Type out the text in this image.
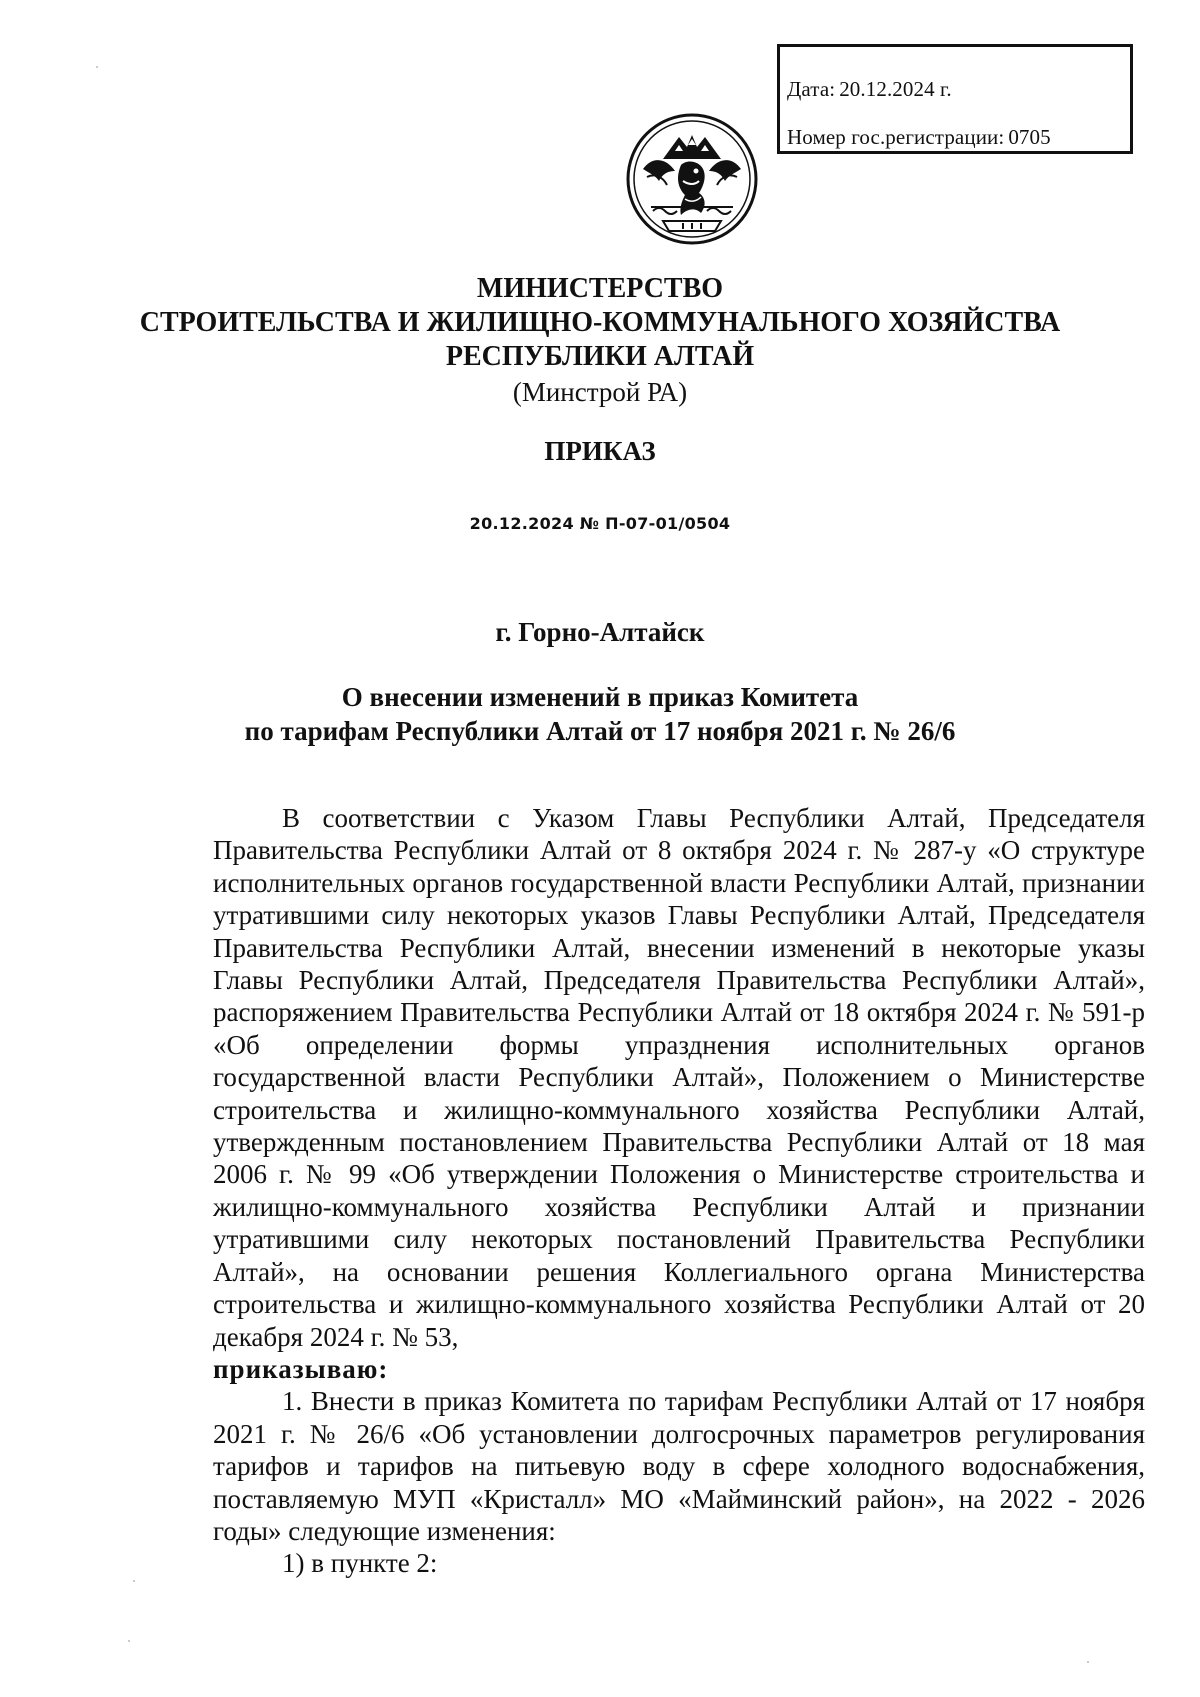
Дата: 20.12.2024 г.
Номер гос.регистрации: 0705
МИНИСТЕРСТВО
СТРОИТЕЛЬСТВА И ЖИЛИЩНО-КОММУНАЛЬНОГО ХОЗЯЙСТВА
РЕСПУБЛИКИ АЛТАЙ
(Минстрой РА)
ПРИКАЗ
20.12.2024 № П-07-01/0504
г. Горно-Алтайск
О внесении изменений в приказ Комитета
по тарифам Республики Алтай от 17 ноября 2021 г. № 26/6

В соответствии с Указом Главы Республики Алтай, Председателя Правительства Республики Алтай от 8 октября 2024 г. № 287-у «О структуре исполнительных органов государственной власти Республики Алтай, признании утратившими силу некоторых указов Главы Республики Алтай, Председателя Правительства Республики Алтай, внесении изменений в некоторые указы Главы Республики Алтай, Председателя Правительства Республики Алтай», распоряжением Правительства Республики Алтай от 18 октября 2024 г. № 591-р «Об определении формы упразднения исполнительных органов государственной власти Республики Алтай», Положением о Министерстве строительства и жилищно-коммунального хозяйства Республики Алтай, утвержденным постановлением Правительства Республики Алтай от 18 мая 2006 г. № 99 «Об утверждении Положения о Министерстве строительства и жилищно-коммунального хозяйства Республики Алтай и признании утратившими силу некоторых постановлений Правительства Республики Алтай», на основании решения Коллегиального органа Министерства строительства и жилищно-коммунального хозяйства Республики Алтай от 20 декабря 2024 г. № 53,

приказываю:

1. Внести в приказ Комитета по тарифам Республики Алтай от 17 ноября 2021 г. № 26/6 «Об установлении долгосрочных параметров регулирования тарифов и тарифов на питьевую воду в сфере холодного водоснабжения, поставляемую МУП «Кристалл» МО «Майминский район», на 2022 - 2026 годы» следующие изменения:

1) в пункте 2:
